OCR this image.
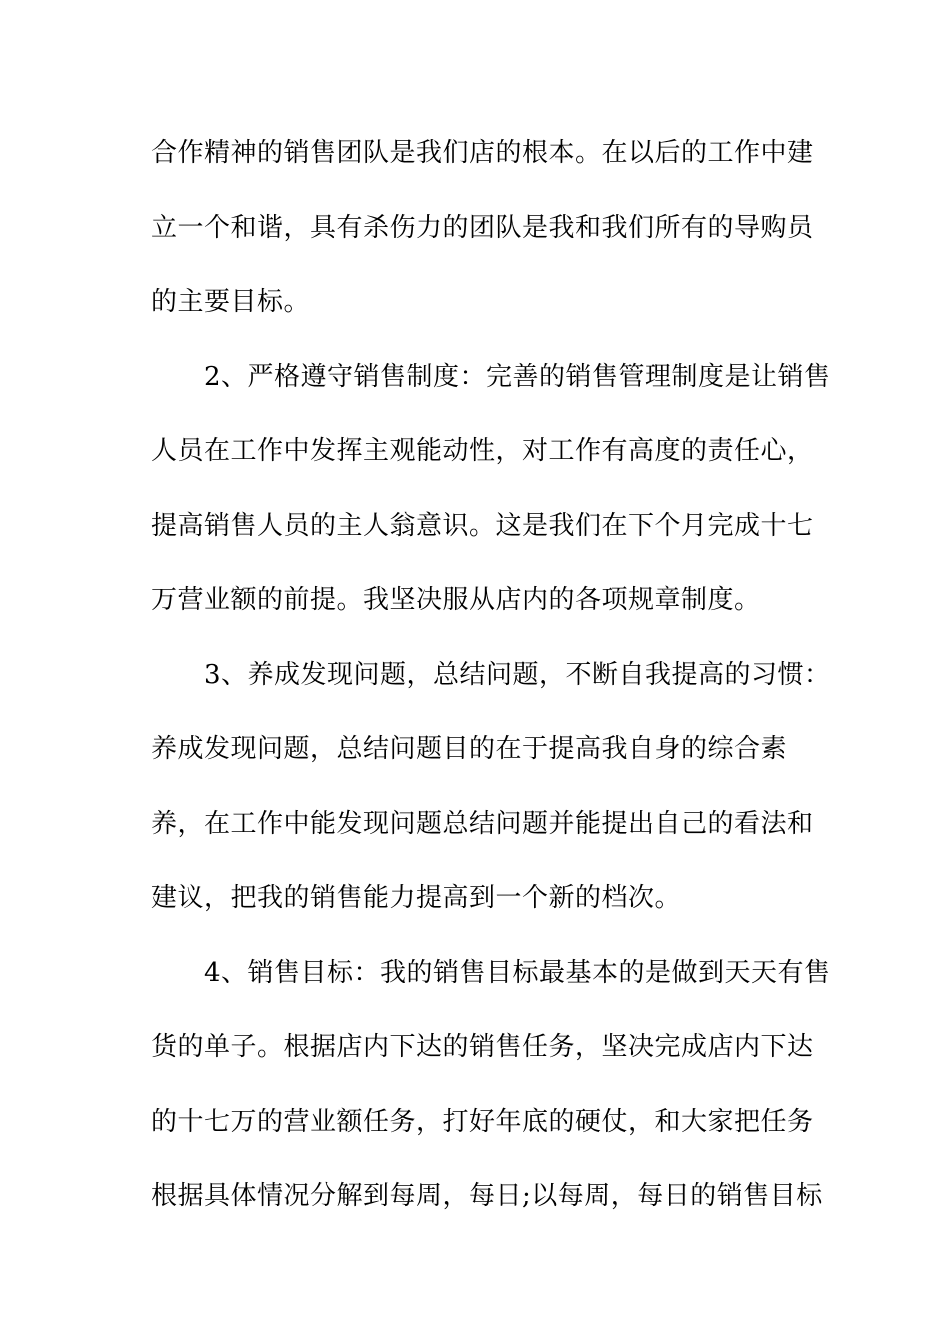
合作精神的销售团队是我们店的根本。在以后的工作中建
立一个和谐，具有杀伤力的团队是我和我们所有的导购员
的主要目标。
2、严格遵守销售制度：完善的销售管理制度是让销售
人员在工作中发挥主观能动性，对工作有高度的责任心，
提高销售人员的主人翁意识。这是我们在下个月完成十七
万营业额的前提。我坚决服从店内的各项规章制度。
3、养成发现问题，总结问题，不断自我提高的习惯：
养成发现问题，总结问题目的在于提高我自身的综合素
养，在工作中能发现问题总结问题并能提出自己的看法和
建议，把我的销售能力提高到一个新的档次。
4、销售目标：我的销售目标最基本的是做到天天有售
货的单子。根据店内下达的销售任务，坚决完成店内下达
的十七万的营业额任务，打好年底的硬仗，和大家把任务
根据具体情况分解到每周，每日;以每周，每日的销售目标
